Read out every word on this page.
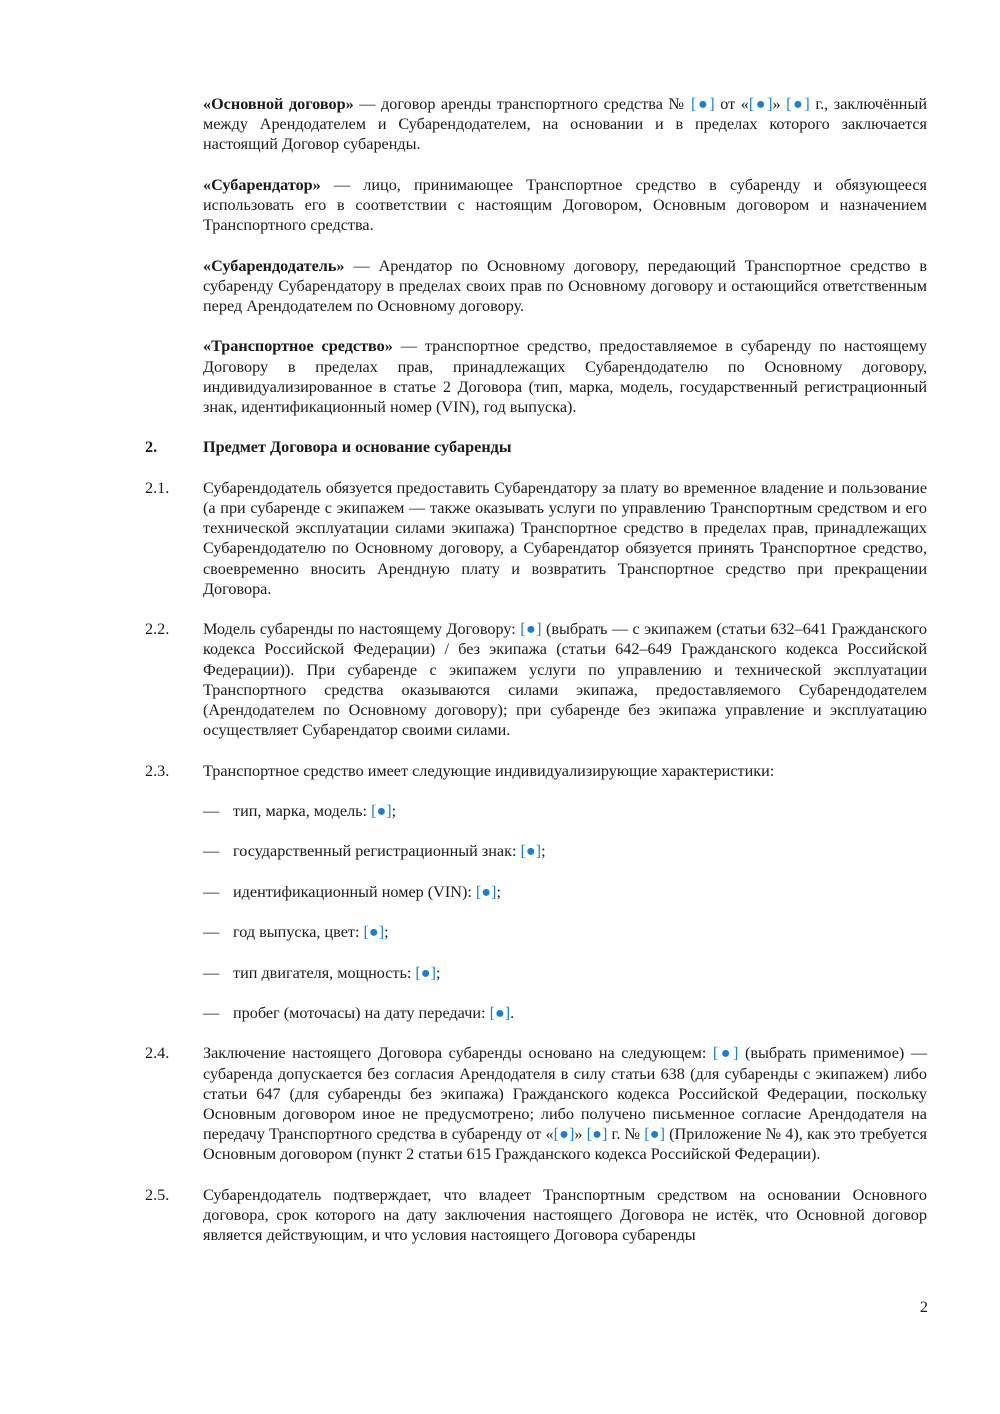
«Основной договор» — договор аренды транспортного средства № [●] от «[●]» [●] г., заключённый между Арендодателем и Субарендодателем, на основании и в пределах которого заключается настоящий Договор субаренды.

«Субарендатор» — лицо, принимающее Транспортное средство в субаренду и обязующееся использовать его в соответствии с настоящим Договором, Основным договором и назначением Транспортного средства.

«Субарендодатель» — Арендатор по Основному договору, передающий Транспортное средство в субаренду Субарендатору в пределах своих прав по Основному договору и остающийся ответственным перед Арендодателем по Основному договору.

«Транспортное средство» — транспортное средство, предоставляемое в субаренду по настоящему Договору в пределах прав, принадлежащих Субарендодателю по Основному договору, индивидуализированное в статье 2 Договора (тип, марка, модель, государственный регистрационный знак, идентификационный номер (VIN), год выпуска).

2.	Предмет Договора и основание субаренды
2.1.	Субарендодатель обязуется предоставить Субарендатору за плату во временное владение и пользование (а при субаренде с экипажем — также оказывать услуги по управлению Транспортным средством и его технической эксплуатации силами экипажа) Транспортное средство в пределах прав, принадлежащих Субарендодателю по Основному договору, а Субарендатор обязуется принять Транспортное средство, своевременно вносить Арендную плату и возвратить Транспортное средство при прекращении Договора.
2.2.	Модель субаренды по настоящему Договору: [●] (выбрать — с экипажем (статьи 632–641 Гражданского кодекса Российской Федерации) / без экипажа (статьи 642–649 Гражданского кодекса Российской Федерации)). При субаренде с экипажем услуги по управлению и технической эксплуатации Транспортного средства оказываются силами экипажа, предоставляемого Субарендодателем (Арендодателем по Основному договору); при субаренде без экипажа управление и эксплуатацию осуществляет Субарендатор своими силами.
2.3.	Транспортное средство имеет следующие индивидуализирующие характеристики:
— тип, марка, модель: [●];
— государственный регистрационный знак: [●];
— идентификационный номер (VIN): [●];
— год выпуска, цвет: [●];
— тип двигателя, мощность: [●];
— пробег (моточасы) на дату передачи: [●].
2.4.	Заключение настоящего Договора субаренды основано на следующем: [●] (выбрать применимое) — субаренда допускается без согласия Арендодателя в силу статьи 638 (для субаренды с экипажем) либо статьи 647 (для субаренды без экипажа) Гражданского кодекса Российской Федерации, поскольку Основным договором иное не предусмотрено; либо получено письменное согласие Арендодателя на передачу Транспортного средства в субаренду от «[●]» [●] г. № [●] (Приложение № 4), как это требуется Основным договором (пункт 2 статьи 615 Гражданского кодекса Российской Федерации).
2.5.	Субарендодатель подтверждает, что владеет Транспортным средством на основании Основного договора, срок которого на дату заключения настоящего Договора не истёк, что Основной договор является действующим, и что условия настоящего Договора субаренды
2
